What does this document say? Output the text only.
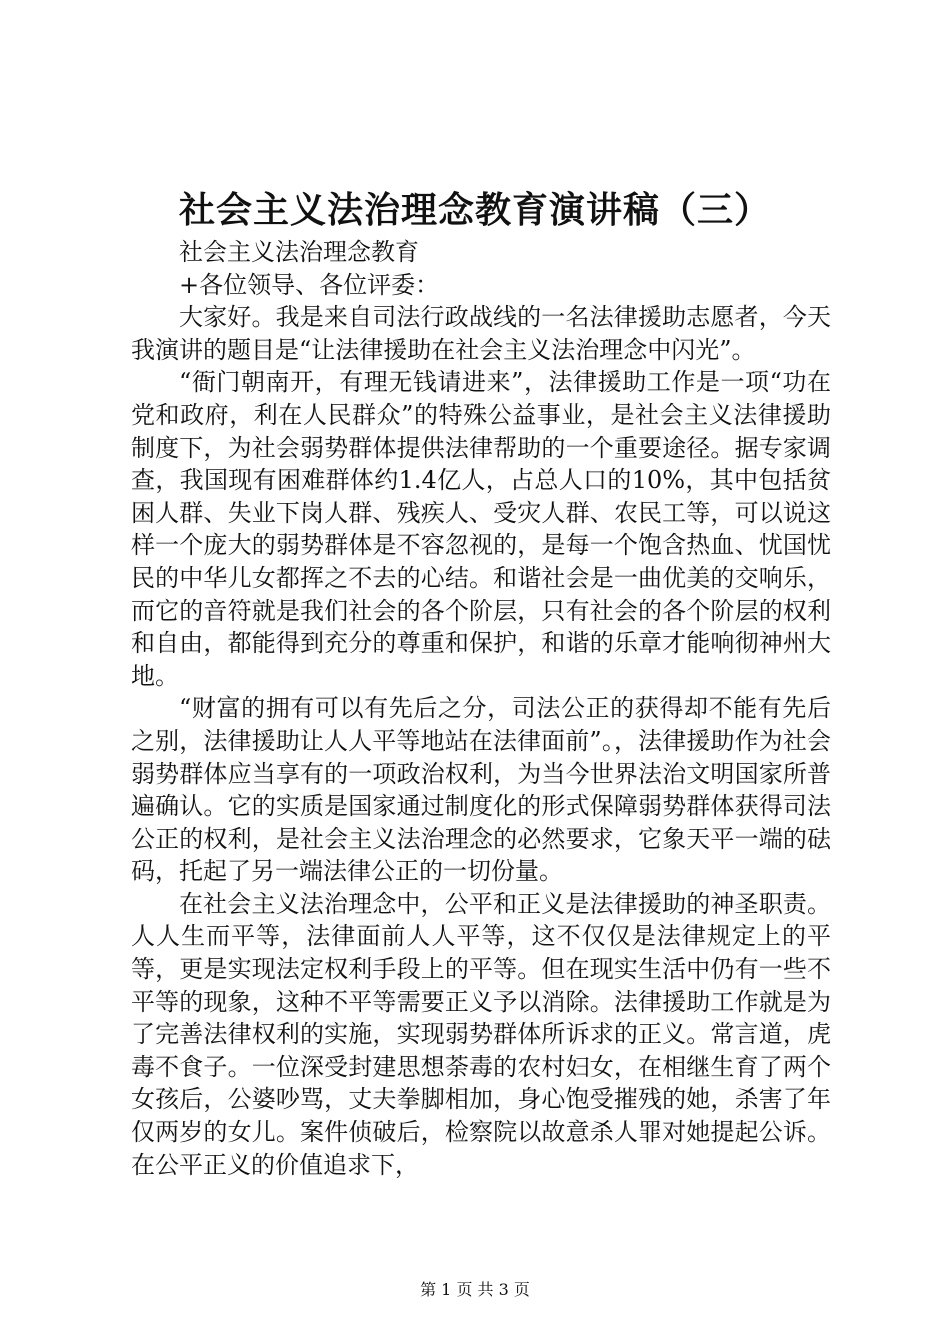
社会主义法治理念教育演讲稿（三）

社会主义法治理念教育

+各位领导、各位评委：

大家好。我是来自司法行政战线的一名法律援助志愿者，今天我演讲的题目是“让法律援助在社会主义法治理念中闪光”。

“衙门朝南开，有理无钱请进来”，法律援助工作是一项“功在党和政府，利在人民群众”的特殊公益事业，是社会主义法律援助制度下，为社会弱势群体提供法律帮助的一个重要途径。据专家调查，我国现有困难群体约1.4亿人，占总人口的10%，其中包括贫困人群、失业下岗人群、残疾人、受灾人群、农民工等，可以说这样一个庞大的弱势群体是不容忽视的，是每一个饱含热血、忧国忧民的中华儿女都挥之不去的心结。和谐社会是一曲优美的交响乐，而它的音符就是我们社会的各个阶层，只有社会的各个阶层的权利和自由，都能得到充分的尊重和保护，和谐的乐章才能响彻神州大地。

“财富的拥有可以有先后之分，司法公正的获得却不能有先后之别，法律援助让人人平等地站在法律面前”。，法律援助作为社会弱势群体应当享有的一项政治权利，为当今世界法治文明国家所普遍确认。它的实质是国家通过制度化的形式保障弱势群体获得司法公正的权利，是社会主义法治理念的必然要求，它象天平一端的砝码，托起了另一端法律公正的一切份量。

在社会主义法治理念中，公平和正义是法律援助的神圣职责。人人生而平等，法律面前人人平等，这不仅仅是法律规定上的平等，更是实现法定权利手段上的平等。但在现实生活中仍有一些不平等的现象，这种不平等需要正义予以消除。法律援助工作就是为了完善法律权利的实施，实现弱势群体所诉求的正义。常言道，虎毒不食子。一位深受封建思想荼毒的农村妇女，在相继生育了两个女孩后，公婆吵骂，丈夫拳脚相加，身心饱受摧残的她，杀害了年仅两岁的女儿。案件侦破后，检察院以故意杀人罪对她提起公诉。在公平正义的价值追求下，

第 1 页 共 3 页
